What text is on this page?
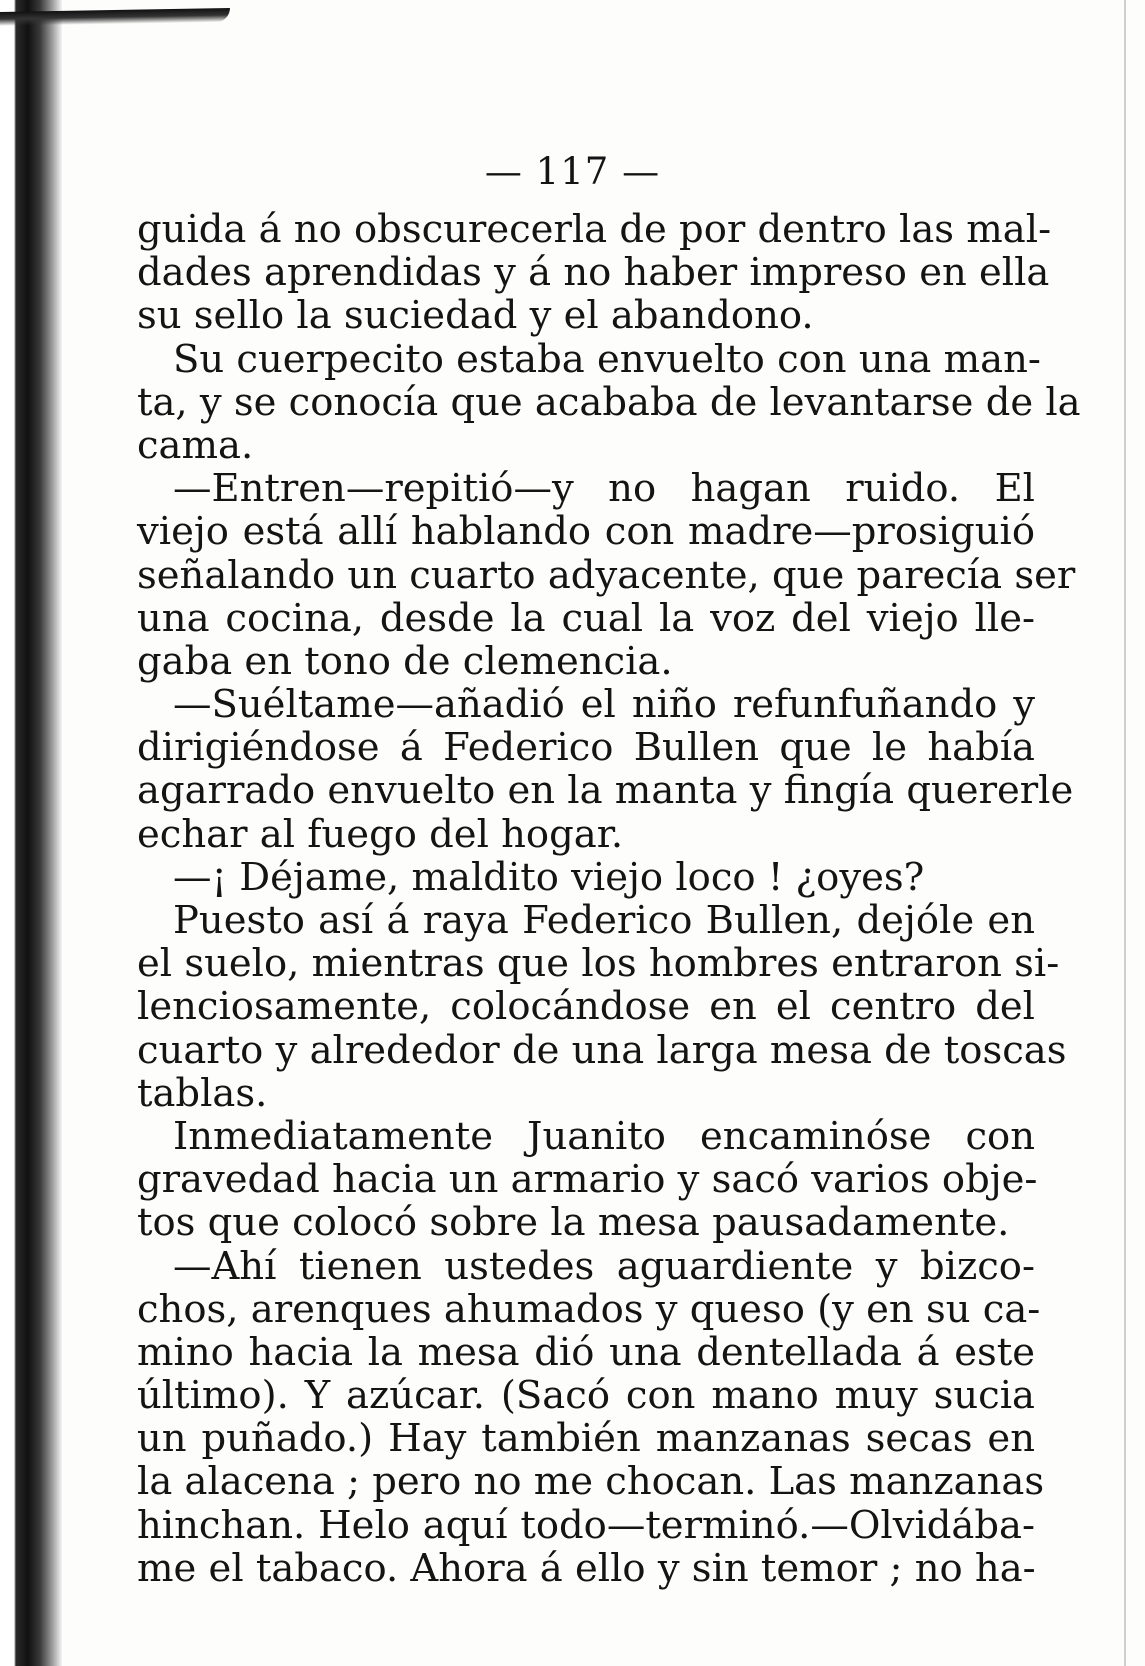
— 117 —
guida á no obscurecerla de por dentro las mal-
dades aprendidas y á no haber impreso en ella
su sello la suciedad y el abandono.
Su cuerpecito estaba envuelto con una man-
ta, y se conocía que acababa de levantarse de la
cama.
—Entren—repitió—y no hagan ruido. El
viejo está allí hablando con madre—prosiguió
señalando un cuarto adyacente, que parecía ser
una cocina, desde la cual la voz del viejo lle-
gaba en tono de clemencia.
—Suéltame—añadió el niño refunfuñando y
dirigiéndose á Federico Bullen que le había
agarrado envuelto en la manta y fingía quererle
echar al fuego del hogar.
—¡ Déjame, maldito viejo loco ! ¿oyes?
Puesto así á raya Federico Bullen, dejóle en
el suelo, mientras que los hombres entraron si-
lenciosamente, colocándose en el centro del
cuarto y alrededor de una larga mesa de toscas
tablas.
Inmediatamente Juanito encaminóse con
gravedad hacia un armario y sacó varios obje-
tos que colocó sobre la mesa pausadamente.
—Ahí tienen ustedes aguardiente y bizco-
chos, arenques ahumados y queso (y en su ca-
mino hacia la mesa dió una dentellada á este
último). Y azúcar. (Sacó con mano muy sucia
un puñado.) Hay también manzanas secas en
la alacena ; pero no me chocan. Las manzanas
hinchan. Helo aquí todo—terminó.—Olvidába-
me el tabaco. Ahora á ello y sin temor ; no ha-
